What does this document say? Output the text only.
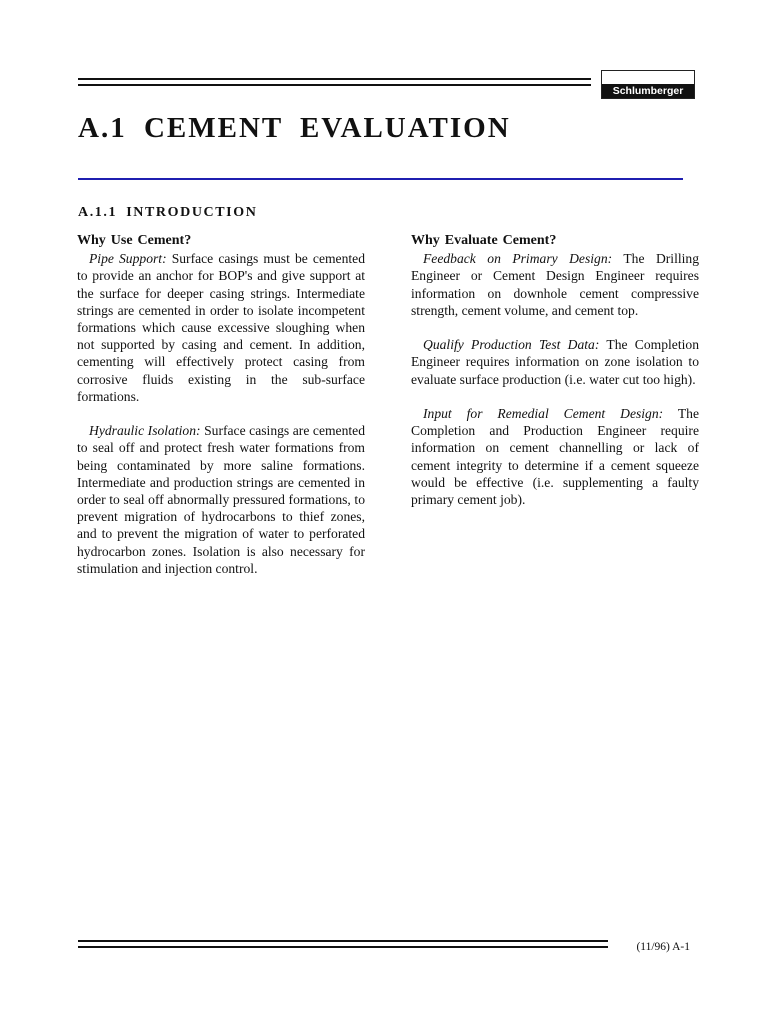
Schlumberger
A.1 CEMENT EVALUATION
A.1.1 INTRODUCTION
Why Use Cement?

Pipe Support: Surface casings must be cemented to provide an anchor for BOP's and give support at the surface for deeper casing strings. Intermediate strings are cemented in order to isolate incompetent formations which cause excessive sloughing when not supported by casing and cement. In addition, cementing will effectively protect casing from corrosive fluids existing in the sub-surface formations.

Hydraulic Isolation: Surface casings are cemented to seal off and protect fresh water formations from being contaminated by more saline formations. Intermediate and production strings are cemented in order to seal off abnormally pressured formations, to prevent migration of hydrocarbons to thief zones, and to prevent the migration of water to perforated hydrocarbon zones. Isolation is also necessary for stimulation and injection control.

Why Evaluate Cement?

Feedback on Primary Design: The Drilling Engineer or Cement Design Engineer requires information on downhole cement compressive strength, cement volume, and cement top.

Qualify Production Test Data: The Completion Engineer requires information on zone isolation to evaluate surface production (i.e. water cut too high).

Input for Remedial Cement Design: The Completion and Production Engineer require information on cement channelling or lack of cement integrity to determine if a cement squeeze would be effective (i.e. supplementing a faulty primary cement job).

(11/96) A-1
